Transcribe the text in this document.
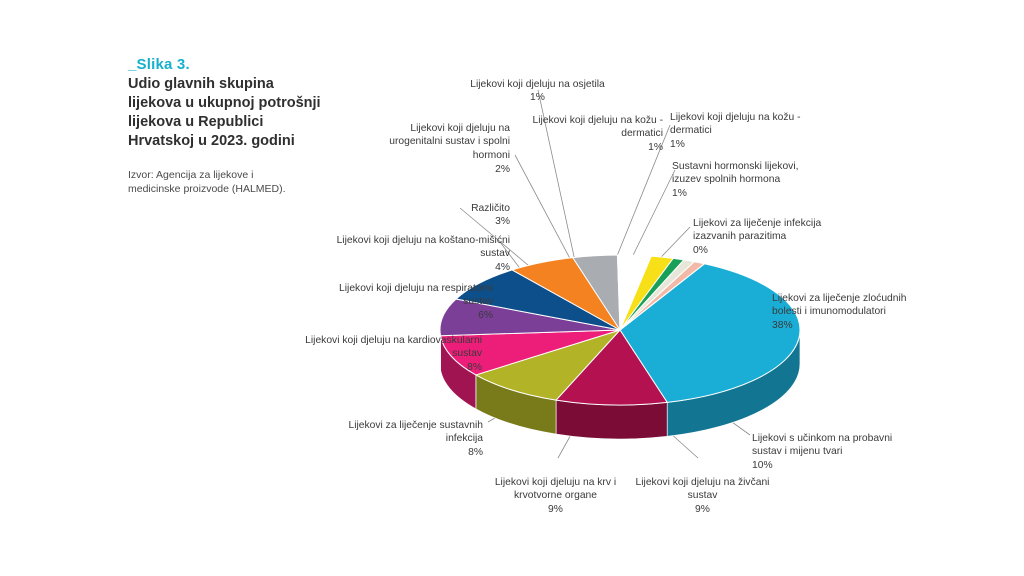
_Slika 3.
Udio glavnih skupina lijekova u ukupnoj potrošnji lijekova u Republici Hrvatskoj u 2023. godini
Izvor: Agencija za lijekove i medicinske proizvode (HALMED).

Lijekovi koji djeluju na osjetila

1%

Lijekovi koji djeluju na kožu - dermatici

1%

Lijekovi koji djeluju na kožu - dermatici

1%

Lijekovi koji djeluju na urogenitalni sustav i spolni hormoni

2%	Sustavni hormonski lijekovi, izuzev spolnih hormona

1%

Različito

3%	Lijekovi za liječenje infekcija izazvanih parazitima

0%

Lijekovi koji djeluju na koštano-mišićni sustav

4%

Lijekovi koji djeluju na respiratorni sustav

6%

Lijekovi za liječenje zloćudnih bolesti i imunomodulatori

38%

Lijekovi koji djeluju na kardiovaskularni sustav

8%

Lijekovi za liječenje sustavnih infekcija

8%

Lijekovi s učinkom na probavni sustav i mijenu tvari

10%

Lijekovi koji djeluju na krv i krvotvorne organe

9%

Lijekovi koji djeluju na živčani sustav

9%
